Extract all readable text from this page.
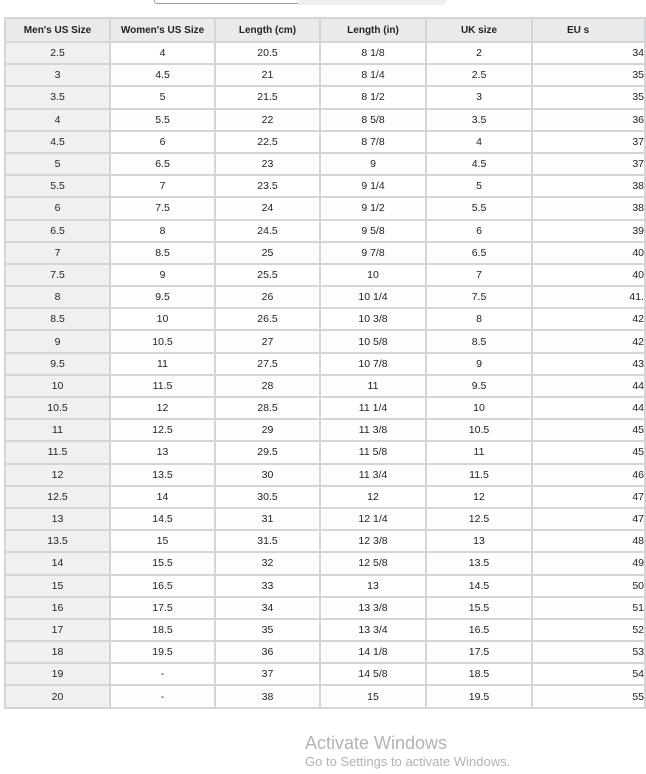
Men's US Size	Women's US Size	Length (cm)	Length (in)	UK size	EU s
2.5	4	20.5	8 1/8	2	34
3	4.5	21	8 1/4	2.5	35
3.5	5	21.5	8 1/2	3	35
4	5.5	22	8 5/8	3.5	36
4.5	6	22.5	8 7/8	4	37
5	6.5	23	9	4.5	37
5.5	7	23.5	9 1/4	5	38
6	7.5	24	9 1/2	5.5	38
6.5	8	24.5	9 5/8	6	39
7	8.5	25	9 7/8	6.5	40
7.5	9	25.5	10	7	40
8	9.5	26	10 1/4	7.5	41.
8.5	10	26.5	10 3/8	8	42
9	10.5	27	10 5/8	8.5	42
9.5	11	27.5	10 7/8	9	43
10	11.5	28	11	9.5	44
10.5	12	28.5	11 1/4	10	44
11	12.5	29	11 3/8	10.5	45
11.5	13	29.5	11 5/8	11	45
12	13.5	30	11 3/4	11.5	46
12.5	14	30.5	12	12	47
13	14.5	31	12 1/4	12.5	47
13.5	15	31.5	12 3/8	13	48
14	15.5	32	12 5/8	13.5	49
15	16.5	33	13	14.5	50
16	17.5	34	13 3/8	15.5	51
17	18.5	35	13 3/4	16.5	52
18	19.5	36	14 1/8	17.5	53
19	-	37	14 5/8	18.5	54
20	-	38	15	19.5	55
Activate Windows
Go to Settings to activate Windows.
